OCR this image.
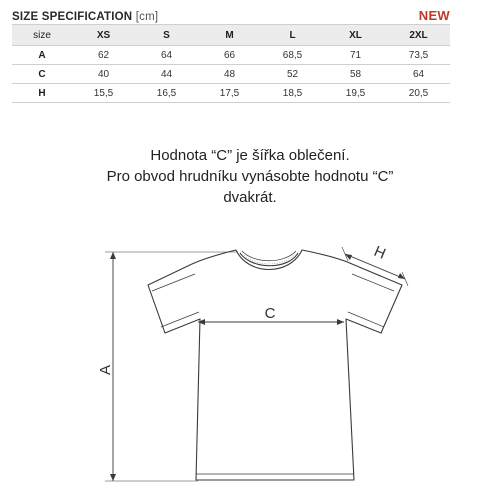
SIZE SPECIFICATION [cm]	NEW
size	XS	S	M	L	XL	2XL
A	62	64	66	68,5	71	73,5
C	40	44	48	52	58	64
H	15,5	16,5	17,5	18,5	19,5	20,5
Hodnota “C” je šířka oblečení.
Pro obvod hrudníku vynásobte hodnotu “C”
dvakrát.
A
C
H
